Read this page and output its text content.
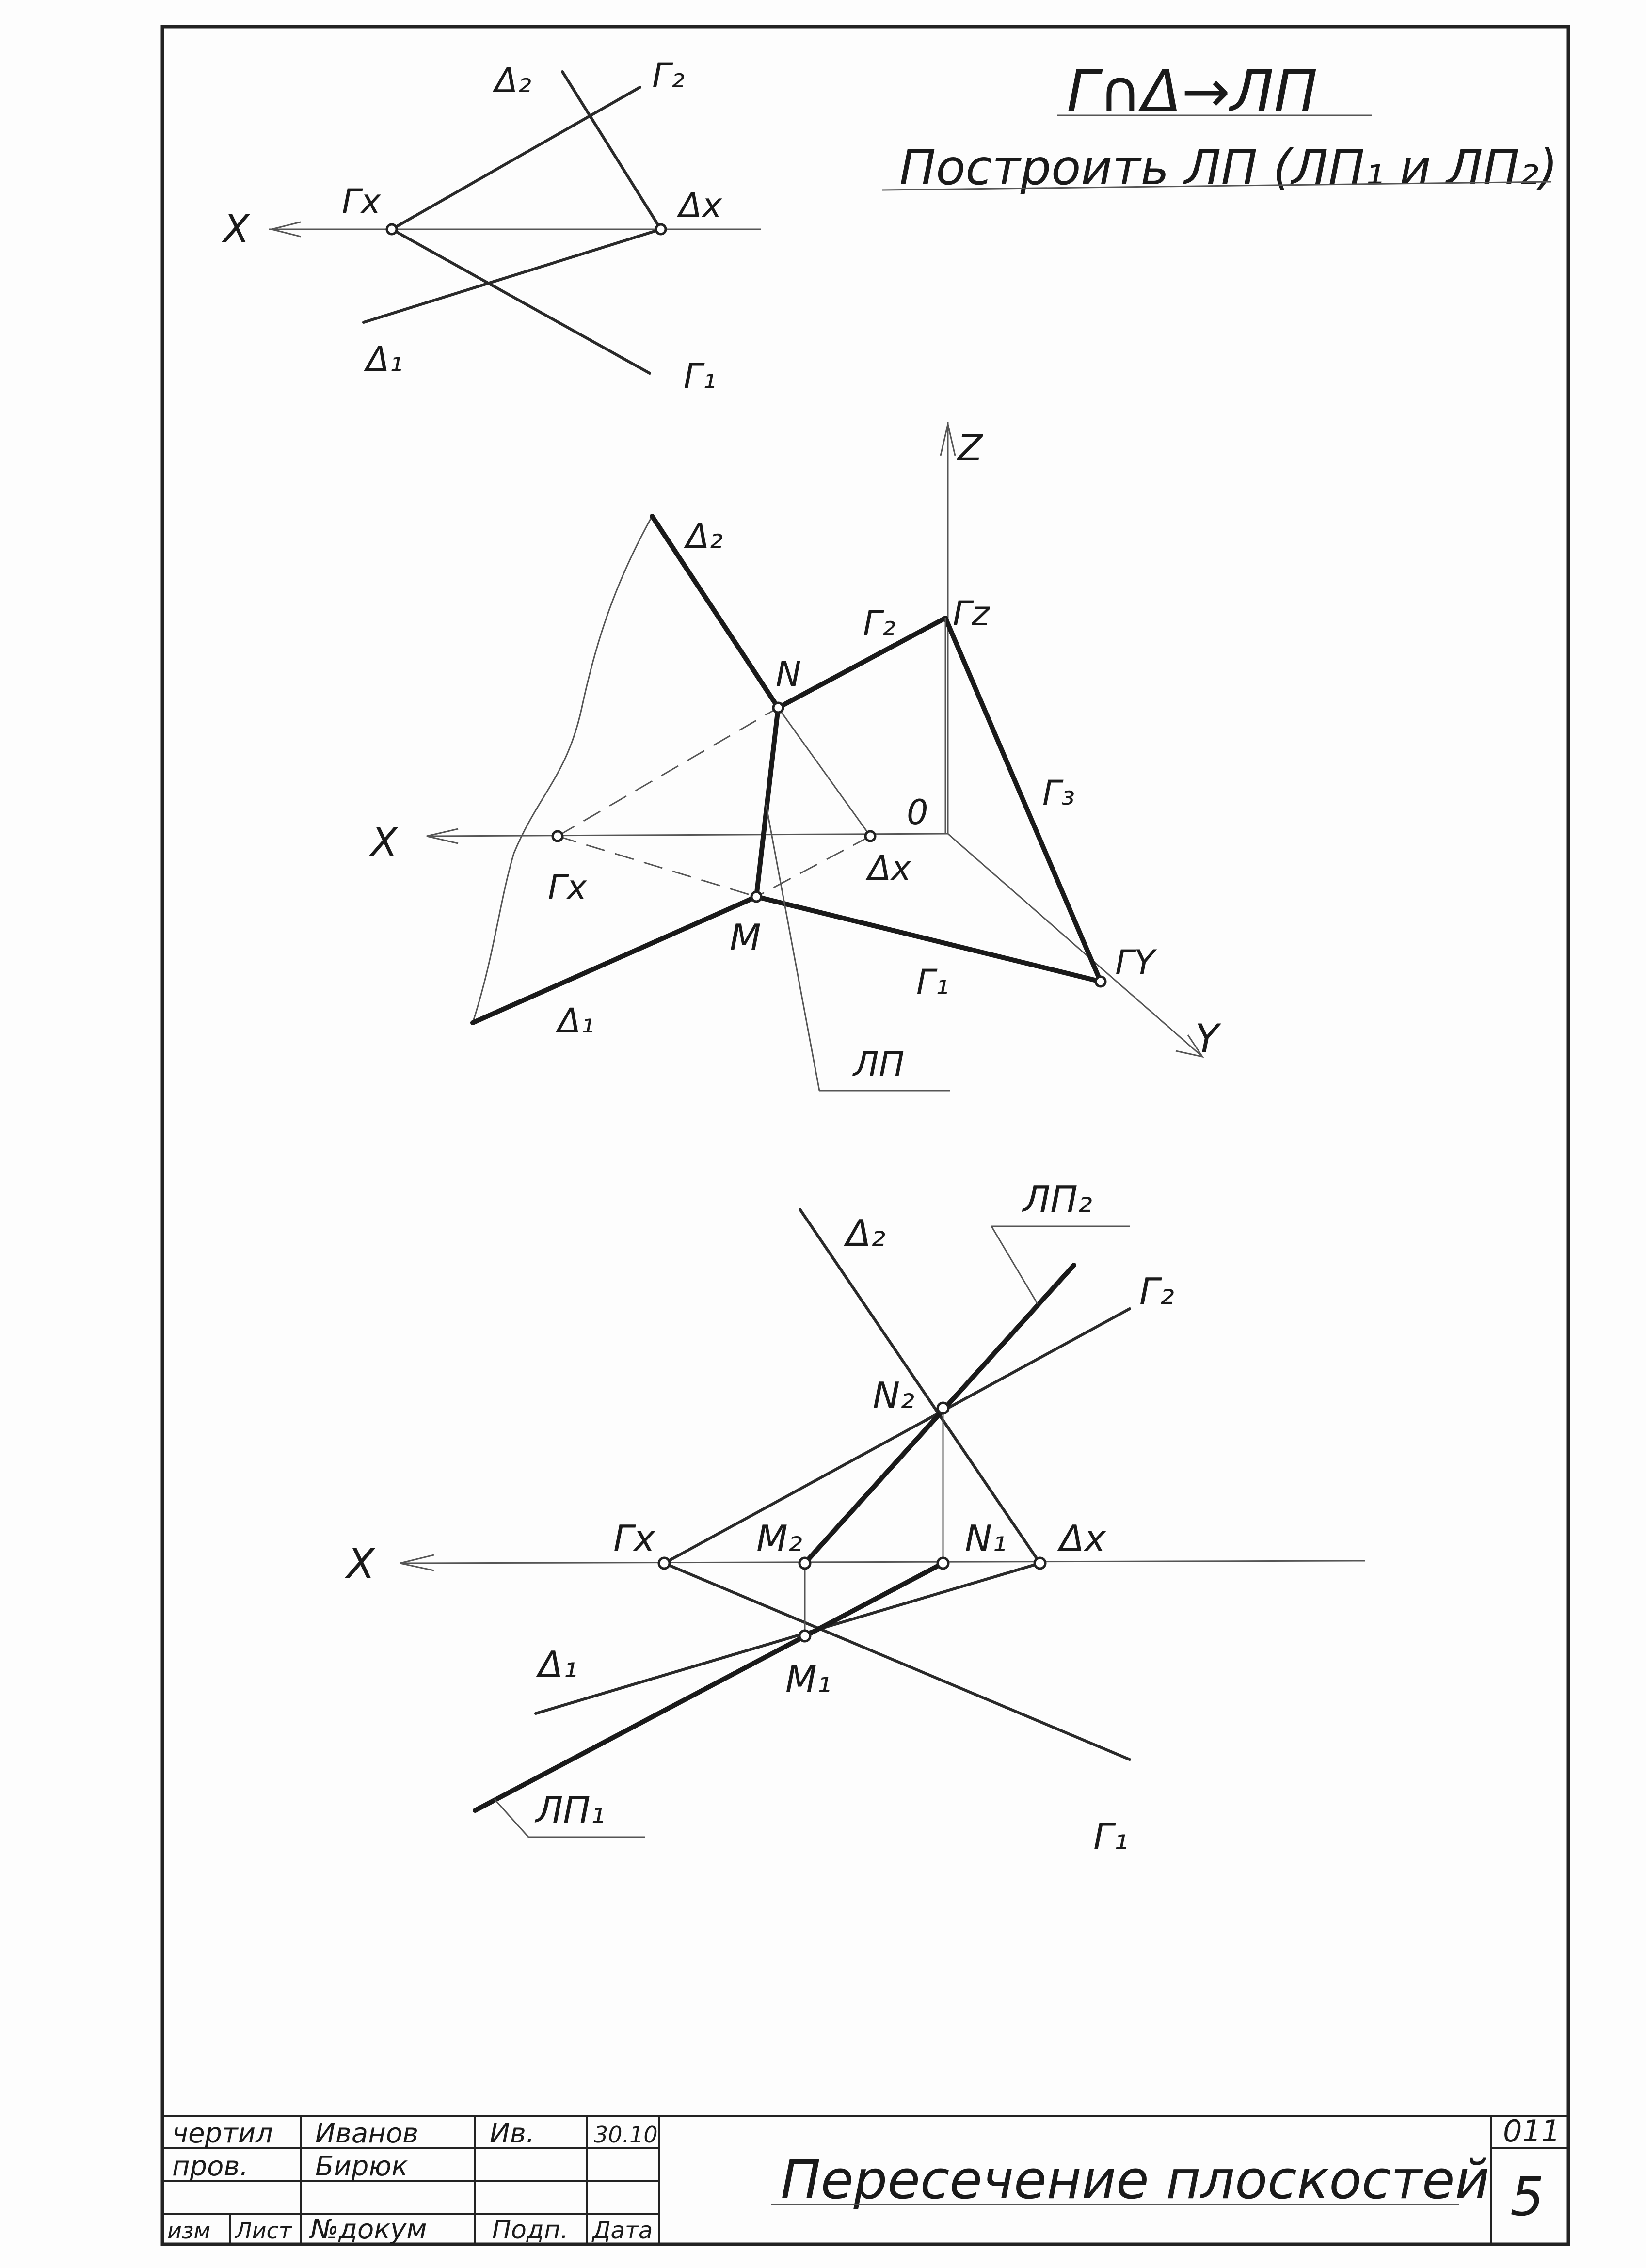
Г∩Δ→ЛП
Построить ЛП (ЛП₁ и ЛП₂)
X
Гx	Δx
Δ₂	Г₂
Δ₁	Г₁
Z
X
Y
0
Δ₂
Г₂ Гz
Г₃
N
M
Гx	Δx
ГY
Г₁
Δ₁
ЛП
X
Δ₂
ЛП₂
Г₂
N₂
Гx	M₂	N₁ Δx
Δ₁	M₁
ЛП₁
Г₁
чертил Иванов	Ив.	30.10
пров. Бирюк
изм Лист №докум	Подп. Дата
Пересечение плоскостей
011
5
